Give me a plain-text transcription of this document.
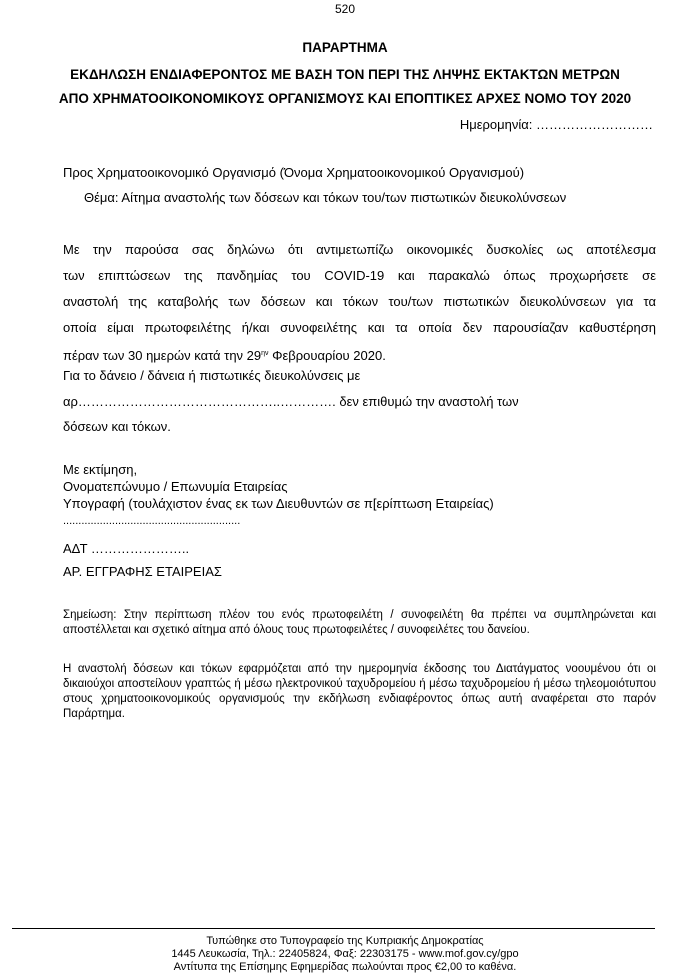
520
ΠΑΡΑΡΤΗΜΑ
ΕΚΔΗΛΩΣΗ ΕΝΔΙΑΦΕΡΟΝΤΟΣ ΜΕ ΒΑΣΗ ΤΟΝ ΠΕΡΙ ΤΗΣ ΛΗΨΗΣ ΕΚΤΑΚΤΩΝ ΜΕΤΡΩΝ
ΑΠΟ ΧΡΗΜΑΤΟΟΙΚΟΝΟΜΙΚΟΥΣ ΟΡΓΑΝΙΣΜΟΥΣ ΚΑΙ ΕΠΟΠΤΙΚΕΣ ΑΡΧΕΣ ΝΟΜΟ ΤΟΥ 2020
Ημερομηνία: ………………………
Προς Χρηματοοικονομικό Οργανισμό (Όνομα Χρηματοοικονομικού Οργανισμού)
Θέμα: Αίτημα αναστολής των δόσεων και τόκων του/των πιστωτικών διευκολύνσεων
Με την παρούσα σας δηλώνω ότι αντιμετωπίζω οικονομικές δυσκολίες ως αποτέλεσμα
των επιπτώσεων της πανδημίας του COVID-19 και παρακαλώ όπως προχωρήσετε σε
αναστολή της καταβολής των δόσεων και τόκων του/των πιστωτικών διευκολύνσεων για τα
οποία είμαι πρωτοφειλέτης ή/και συνοφειλέτης και τα οποία δεν παρουσίαζαν καθυστέρηση
πέραν των 30 ημερών κατά την $29^{\eta\nu}$ Φεβρουαρίου 2020.
Για το δάνειο / δάνεια ή πιστωτικές διευκολύνσεις με
αρ………………………………………..…………. δεν επιθυμώ την αναστολή των
δόσεων και τόκων.
Με εκτίμηση,
Ονοματεπώνυμο / Επωνυμία Εταιρείας
Υπογραφή (τουλάχιστον ένας εκ των Διευθυντών σε π[ερίπτωση Εταιρείας)
..........................................................
ΑΔΤ …………………..
ΑΡ. ΕΓΓΡΑΦΗΣ ΕΤΑΙΡΕΙΑΣ
Σημείωση: Στην περίπτωση πλέον του ενός πρωτοφειλέτη / συνοφειλέτη θα πρέπει να συμπληρώνεται και αποστέλλεται και σχετικό αίτημα από όλους τους πρωτοφειλέτες / συνοφειλέτες του δανείου.
Η αναστολή δόσεων και τόκων εφαρμόζεται από την ημερομηνία έκδοσης του Διατάγματος νοουμένου ότι οι δικαιούχοι αποστείλουν γραπτώς ή μέσω ηλεκτρονικού ταχυδρομείου ή μέσω ταχυδρομείου ή μέσω τηλεομοιότυπου στους χρηματοοικονομικούς οργανισμούς την εκδήλωση ενδιαφέροντος όπως αυτή αναφέρεται στο παρόν Παράρτημα.
Τυπώθηκε στο Τυπογραφείο της Κυπριακής Δημοκρατίας
1445 Λευκωσία, Τηλ.: 22405824, Φαξ: 22303175 - www.mof.gov.cy/gpo
Αντίτυπα της Επίσημης Εφημερίδας πωλούνται προς €2,00 το καθένα.
